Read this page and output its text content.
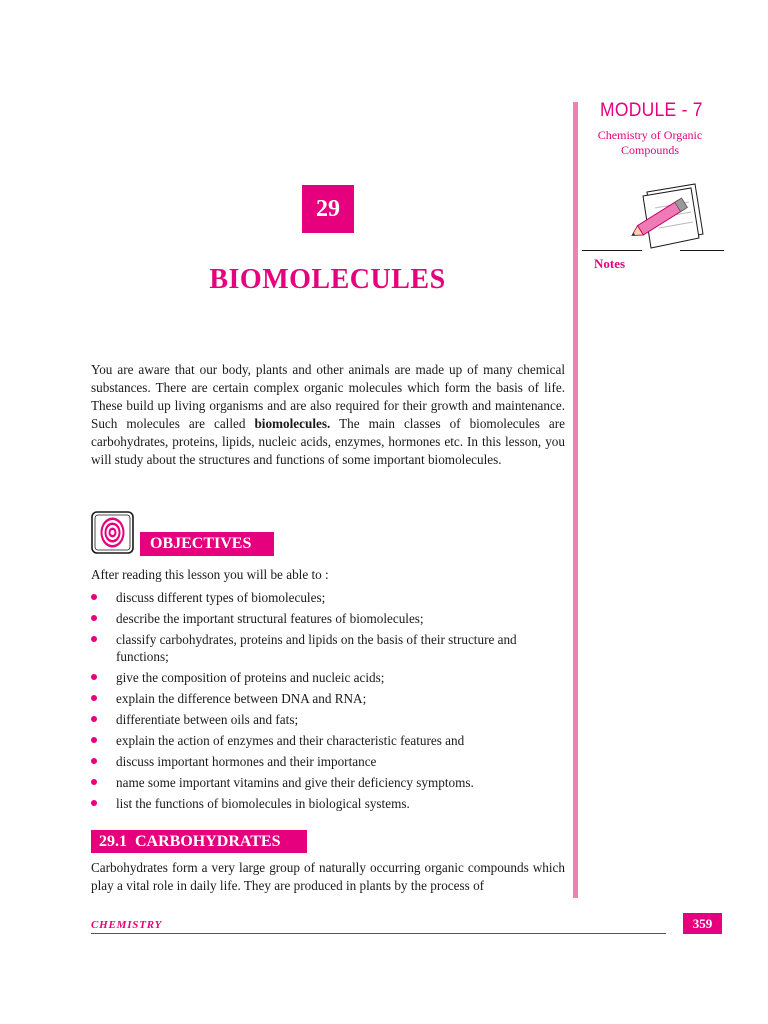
MODULE - 7
Chemistry of Organic Compounds
Notes
29
BIOMOLECULES

You are aware that our body, plants and other animals are made up of many chemical substances. There are certain complex organic molecules which form the basis of life. These build up living organisms and are also required for their growth and maintenance. Such molecules are called biomolecules. The main classes of biomolecules are carbohydrates, proteins, lipids, nucleic acids, enzymes, hormones etc. In this lesson, you will study about the structures and functions of some important biomolecules.

OBJECTIVES

After reading this lesson you will be able to :

discuss different types of biomolecules;
describe the important structural features of biomolecules;
classify carbohydrates, proteins and lipids on the basis of their structure and functions;
give the composition of proteins and nucleic acids;
explain the difference between DNA and RNA;
differentiate between oils and fats;
explain the action of enzymes and their characteristic features and
discuss important hormones and their importance
name some important vitamins and give their deficiency symptoms.
list the functions of biomolecules in biological systems.
29.1  CARBOHYDRATES

Carbohydrates form a very large group of naturally occurring organic compounds which play a vital role in daily life. They are produced in plants by the process of

CHEMISTRY	359
